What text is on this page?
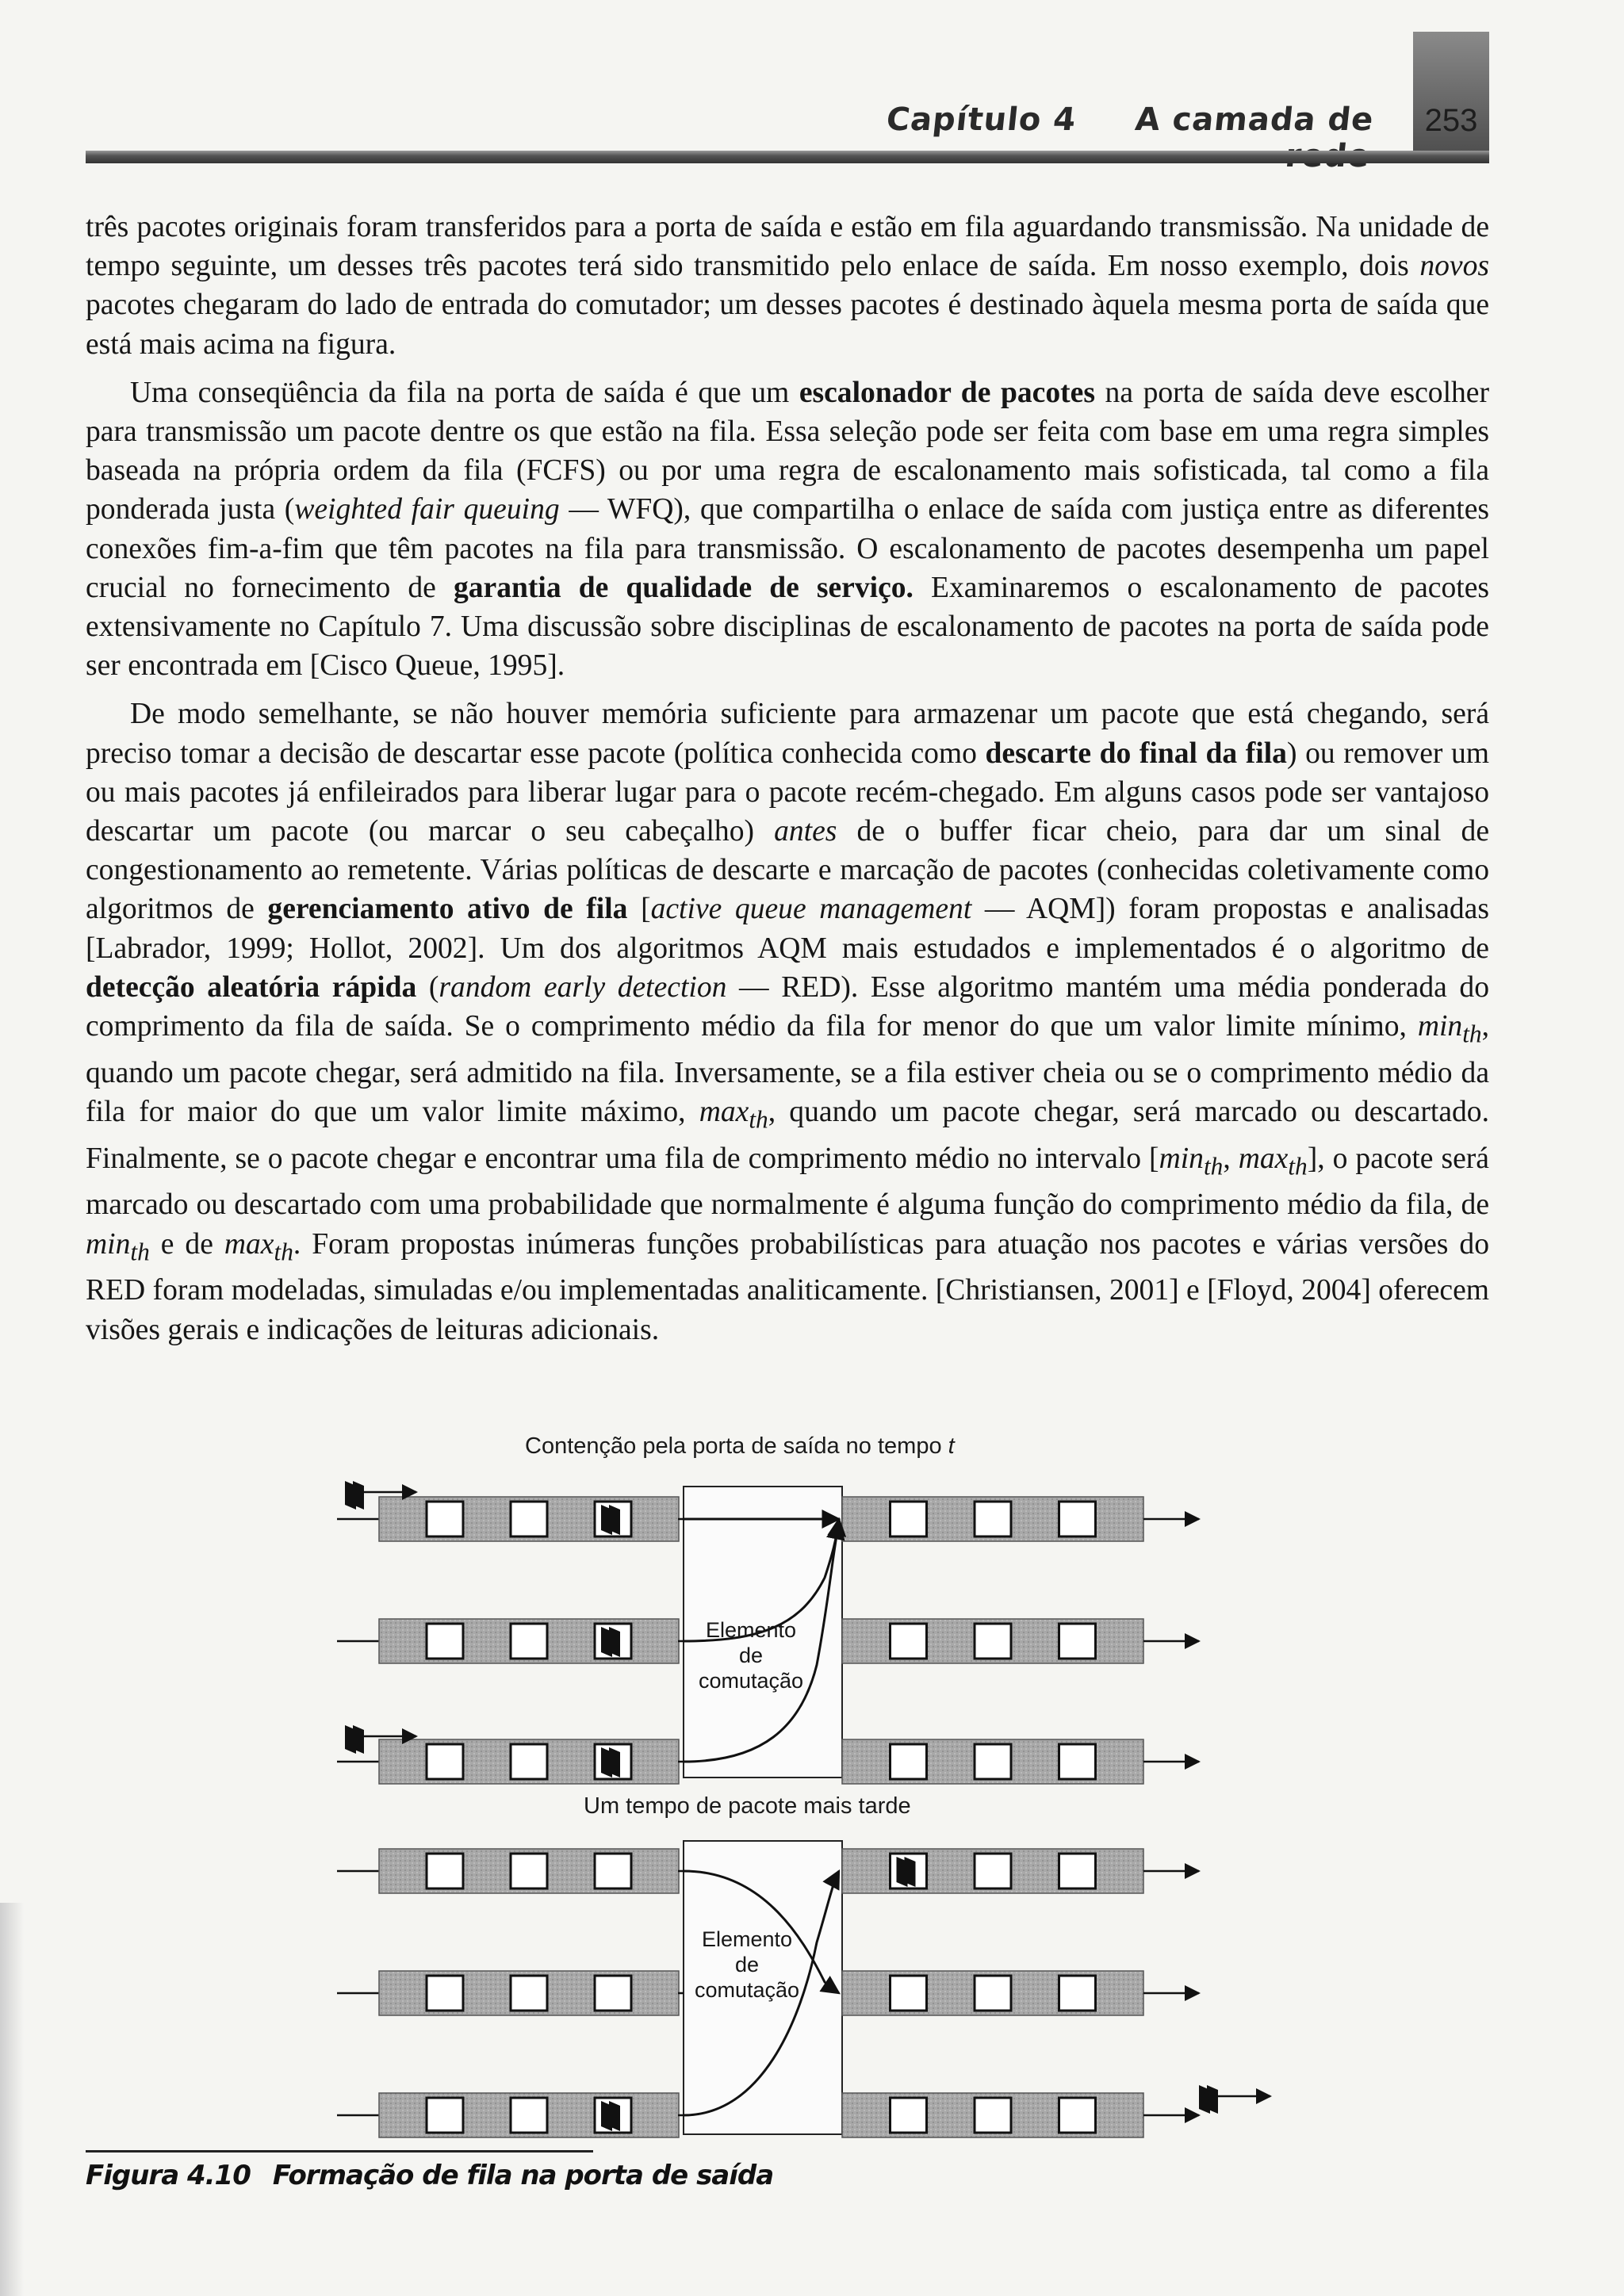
253
Capítulo 4 A camada de

três pacotes originais foram transferidos para a porta de saída e estão em fila aguardando transmissão. Na unidade de tempo seguinte, um desses três pacotes terá sido transmitido pelo enlace de saída. Em nosso exemplo, dois novos pacotes chegaram do lado de entrada do comutador; um desses pacotes é destinado àquela mesma porta de saída que está mais acima na figura.

Uma conseqüência da fila na porta de saída é que um escalonador de pacotes na porta de saída deve escolher para transmissão um pacote dentre os que estão na fila. Essa seleção pode ser feita com base em uma regra simples baseada na própria ordem da fila (FCFS) ou por uma regra de escalonamento mais sofisticada, tal como a fila ponderada justa (weighted fair queuing — WFQ), que compartilha o enlace de saída com justiça entre as diferentes conexões fim-a-fim que têm pacotes na fila para transmissão. O escalonamento de pacotes desempenha um papel crucial no fornecimento de garantia de qualidade de serviço. Examinaremos o escalonamento de pacotes extensivamente no Capítulo 7. Uma discussão sobre disciplinas de escalonamento de pacotes na porta de saída pode ser encontrada em [Cisco Queue, 1995].

De modo semelhante, se não houver memória suficiente para armazenar um pacote que está chegando, será preciso tomar a decisão de descartar esse pacote (política conhecida como descarte do final da fila) ou remover um ou mais pacotes já enfileirados para liberar lugar para o pacote recém-chegado. Em alguns casos pode ser vantajoso descartar um pacote (ou marcar o seu cabeçalho) antes de o buffer ficar cheio, para dar um sinal de congestionamento ao remetente. Várias políticas de descarte e marcação de pacotes (conhecidas coletivamente como algoritmos de gerenciamento ativo de fila [active queue management — AQM]) foram propostas e analisadas [Labrador, 1999; Hollot, 2002]. Um dos algoritmos AQM mais estudados e implementados é o algoritmo de detecção aleatória rápida (random early detection — RED). Esse algoritmo mantém uma média ponderada do comprimento da fila de saída. Se o comprimento médio da fila for menor do que um valor limite mínimo, $\min_{th}$, quando um pacote chegar, será admitido na fila. Inversamente, se a fila estiver cheia ou se o comprimento médio da fila for maior do que um valor limite máximo, $\max_{th}$, quando um pacote chegar, será marcado ou descartado. Finalmente, se o pacote chegar e encontrar uma fila de comprimento médio no intervalo [$\min_{th}$, $\max_{th}$], o pacote será marcado ou descartado com uma probabilidade que normalmente é alguma função do comprimento médio da fila, de $\min_{th} e$ de $\max_{th}$. Foram propostas inúmeras funções probabilísticas para atuação nos pacotes e várias versões do RED foram modeladas, simuladas e/ou implementadas analiticamente. [Christiansen, 2001] e [Floyd, 2004] oferecem visões gerais e indicações de leituras adicionais.

Contenção pela porta de saída no tempo t
Um tempo de pacote mais tarde
Elemento
de
comutação
Elemento
de
comutação
Figura 4.10 Formação de fila na porta de saída
